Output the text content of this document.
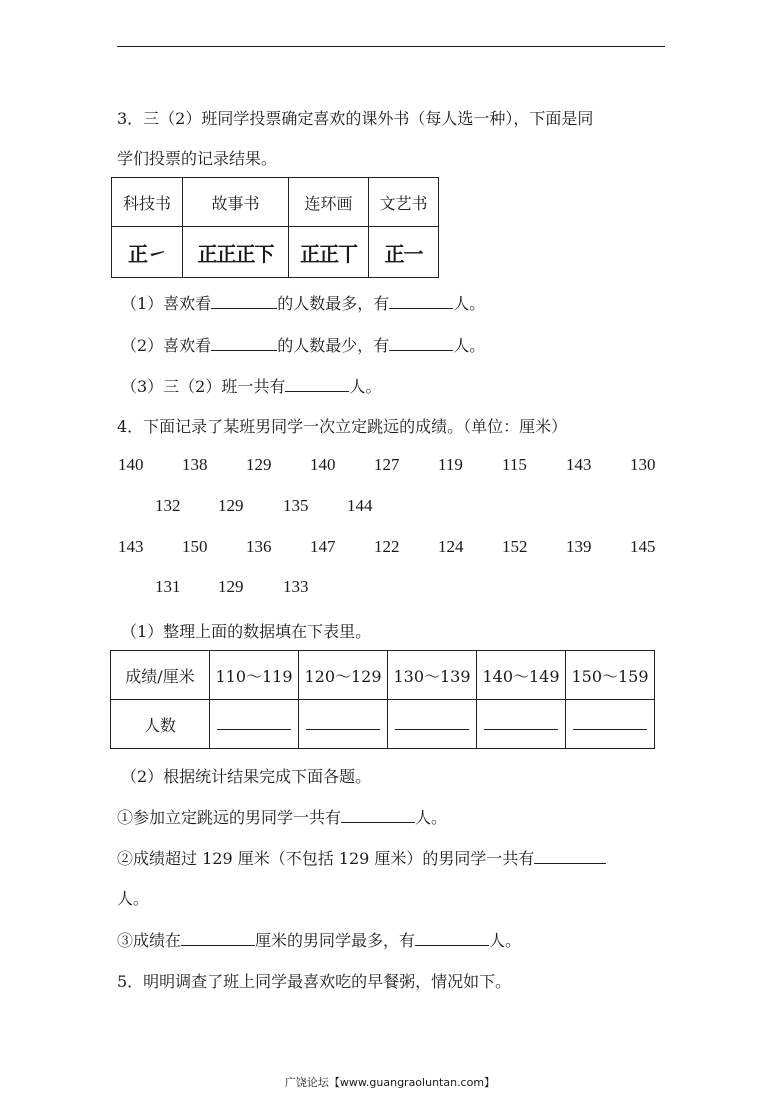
3．三（2）班同学投票确定喜欢的课外书（每人选一种），下面是同
学们投票的记录结果。
科技书	故事书	连环画	文艺书
正㇀	正正正下	正正丅	正一
（1）喜欢看	的人数最多，有	人。
（2）喜欢看	的人数最少，有	人。
（3）三（2）班一共有	人。
4．下面记录了某班男同学一次立定跳远的成绩。（单位：厘米）
140 138 129 140 127 119 115 143 130
132 129 135 144
143 150 136 147 122 124 152 139 145
131 129 133
（1）整理上面的数据填在下表里。
成绩/厘米	110～119	120～129	130～139	140～149	150～159
人数					
（2）根据统计结果完成下面各题。
①参加立定跳远的男同学一共有	人。
②成绩超过 129 厘米（不包括 129 厘米）的男同学一共有
人。
③成绩在	厘米的男同学最多，有	人。
5．明明调查了班上同学最喜欢吃的早餐粥，情况如下。
广饶论坛【www.guangraoluntan.com】
